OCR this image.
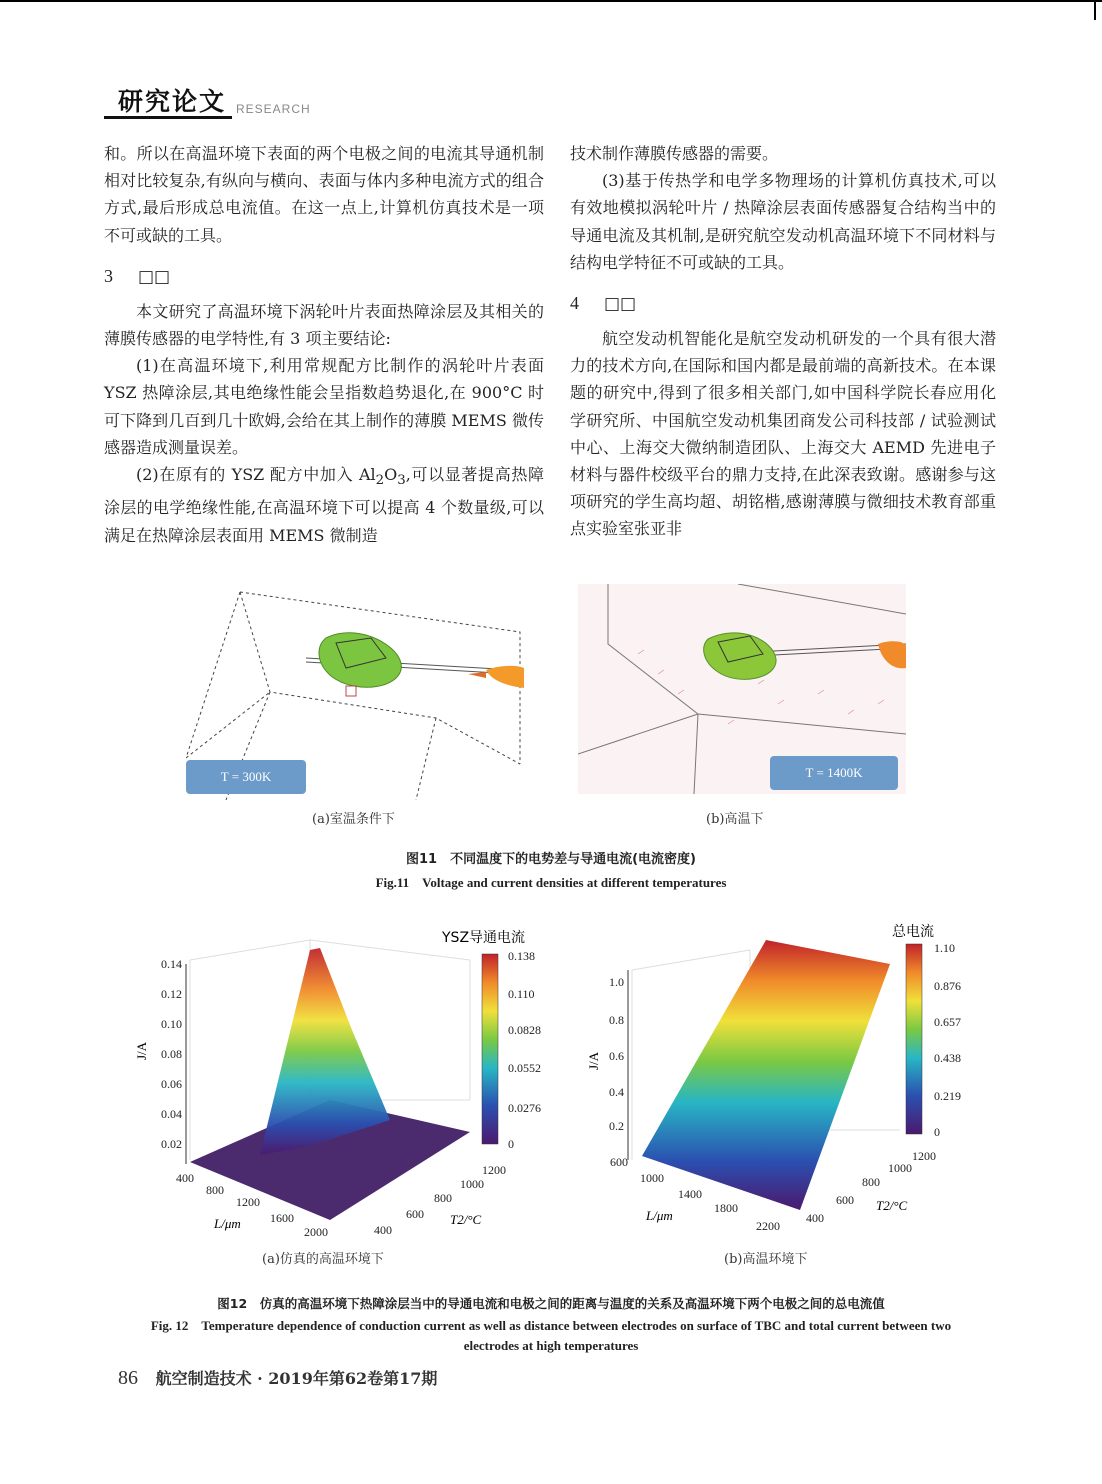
研究论文 RESEARCH

和。所以在高温环境下表面的两个电极之间的电流其导通机制相对比较复杂,有纵向与横向、表面与体内多种电流方式的组合方式,最后形成总电流值。在这一点上,计算机仿真技术是一项不可或缺的工具。

3 □□

本文研究了高温环境下涡轮叶片表面热障涂层及其相关的薄膜传感器的电学特性,有 3 项主要结论:

(1)在高温环境下,利用常规配方比制作的涡轮叶片表面 YSZ 热障涂层,其电绝缘性能会呈指数趋势退化,在 900°C 时可下降到几百到几十欧姆,会给在其上制作的薄膜 MEMS 微传感器造成测量误差。

(2)在原有的 YSZ 配方中加入 $Al_2O_3$,可以显著提高热障涂层的电学绝缘性能,在高温环境下可以提高 4 个数量级,可以满足在热障涂层表面用 MEMS 微制造

技术制作薄膜传感器的需要。

(3)基于传热学和电学多物理场的计算机仿真技术,可以有效地模拟涡轮叶片 / 热障涂层表面传感器复合结构当中的导通电流及其机制,是研究航空发动机高温环境下不同材料与结构电学特征不可或缺的工具。

4 □□

航空发动机智能化是航空发动机研发的一个具有很大潜力的技术方向,在国际和国内都是最前端的高新技术。在本课题的研究中,得到了很多相关部门,如中国科学院长春应用化学研究所、中国航空发动机集团商发公司科技部 / 试验测试中心、上海交大微纳制造团队、上海交大 AEMD 先进电子材料与器件校级平台的鼎力支持,在此深表致谢。感谢参与这项研究的学生高均超、胡铭楷,感谢薄膜与微细技术教育部重点实验室张亚非

T = 300K	T = 1400K
(a)室温条件下	(b)高温下
图11　不同温度下的电势差与导通电流(电流密度)
Fig.11　Voltage and current densities at different temperatures
0.14
0.12
0.10
0.08
0.06
0.04
0.02
J/A
400
800
1200
1600
2000	400
600
800
1000
1200
L/μm	T2/°C
YSZ导通电流
0.138
0.110
0.0828
0.0552
0.0276
0
1.0
0.8
0.6
0.4
0.2
J/A
600
1000
1400
1800
2200
400
600
800
1000
1200
L/μm
T2/°C
总电流
1.10
0.876
0.657
0.438
0.219
0
(a)仿真的高温环境下	(b)高温环境下
图12　仿真的高温环境下热障涂层当中的导通电流和电极之间的距离与温度的关系及高温环境下两个电极之间的总电流值
Fig. 12　Temperature dependence of conduction current as well as distance between electrodes on surface of TBC and total current between two
electrodes at high temperatures
86 航空制造技术 · 2019年第62卷第17期
